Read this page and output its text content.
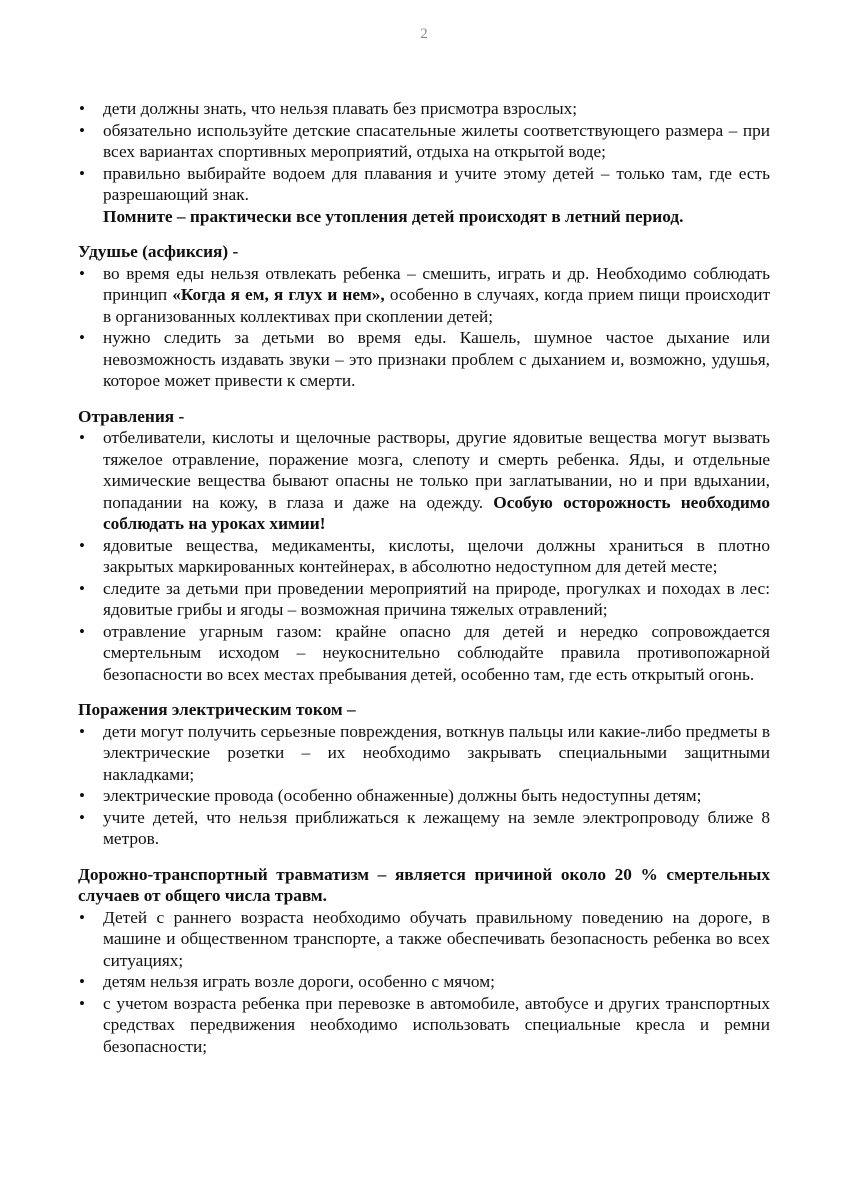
2
• дети должны знать, что нельзя плавать без присмотра взрослых;
• обязательно используйте детские спасательные жилеты соответствующего размера – при всех вариантах спортивных мероприятий, отдыха на открытой воде;
• правильно выбирайте водоем для плавания и учите этому детей – только там, где есть разрешающий знак.
Помните – практически все утопления детей происходят в летний период.
Удушье (асфиксия) -
• во время еды нельзя отвлекать ребенка – смешить, играть и др. Необходимо соблюдать принцип «Когда я ем, я глух и нем», особенно в случаях, когда прием пищи происходит в организованных коллективах при скоплении детей;
• нужно следить за детьми во время еды. Кашель, шумное частое дыхание или невозможность издавать звуки – это признаки проблем с дыханием и, возможно, удушья, которое может привести к смерти.
Отравления -
• отбеливатели, кислоты и щелочные растворы, другие ядовитые вещества могут вызвать тяжелое отравление, поражение мозга, слепоту и смерть ребенка. Яды, и отдельные химические вещества бывают опасны не только при заглатывании, но и при вдыхании, попадании на кожу, в глаза и даже на одежду. Особую осторожность необходимо соблюдать на уроках химии!
• ядовитые вещества, медикаменты, кислоты, щелочи должны храниться в плотно закрытых маркированных контейнерах, в абсолютно недоступном для детей месте;
• следите за детьми при проведении мероприятий на природе, прогулках и походах в лес: ядовитые грибы и ягоды – возможная причина тяжелых отравлений;
• отравление угарным газом: крайне опасно для детей и нередко сопровождается смертельным исходом – неукоснительно соблюдайте правила противопожарной безопасности во всех местах пребывания детей, особенно там, где есть открытый огонь.
Поражения электрическим током –
• дети могут получить серьезные повреждения, воткнув пальцы или какие-либо предметы в электрические розетки – их необходимо закрывать специальными защитными накладками;
• электрические провода (особенно обнаженные) должны быть недоступны детям;
• учите детей, что нельзя приближаться к лежащему на земле электропроводу ближе 8 метров.
Дорожно-транспортный травматизм – является причиной около 20 % смертельных случаев от общего числа травм.
• Детей с раннего возраста необходимо обучать правильному поведению на дороге, в машине и общественном транспорте, а также обеспечивать безопасность ребенка во всех ситуациях;
• детям нельзя играть возле дороги, особенно с мячом;
• с учетом возраста ребенка при перевозке в автомобиле, автобусе и других транспортных средствах передвижения необходимо использовать специальные кресла и ремни безопасности;
